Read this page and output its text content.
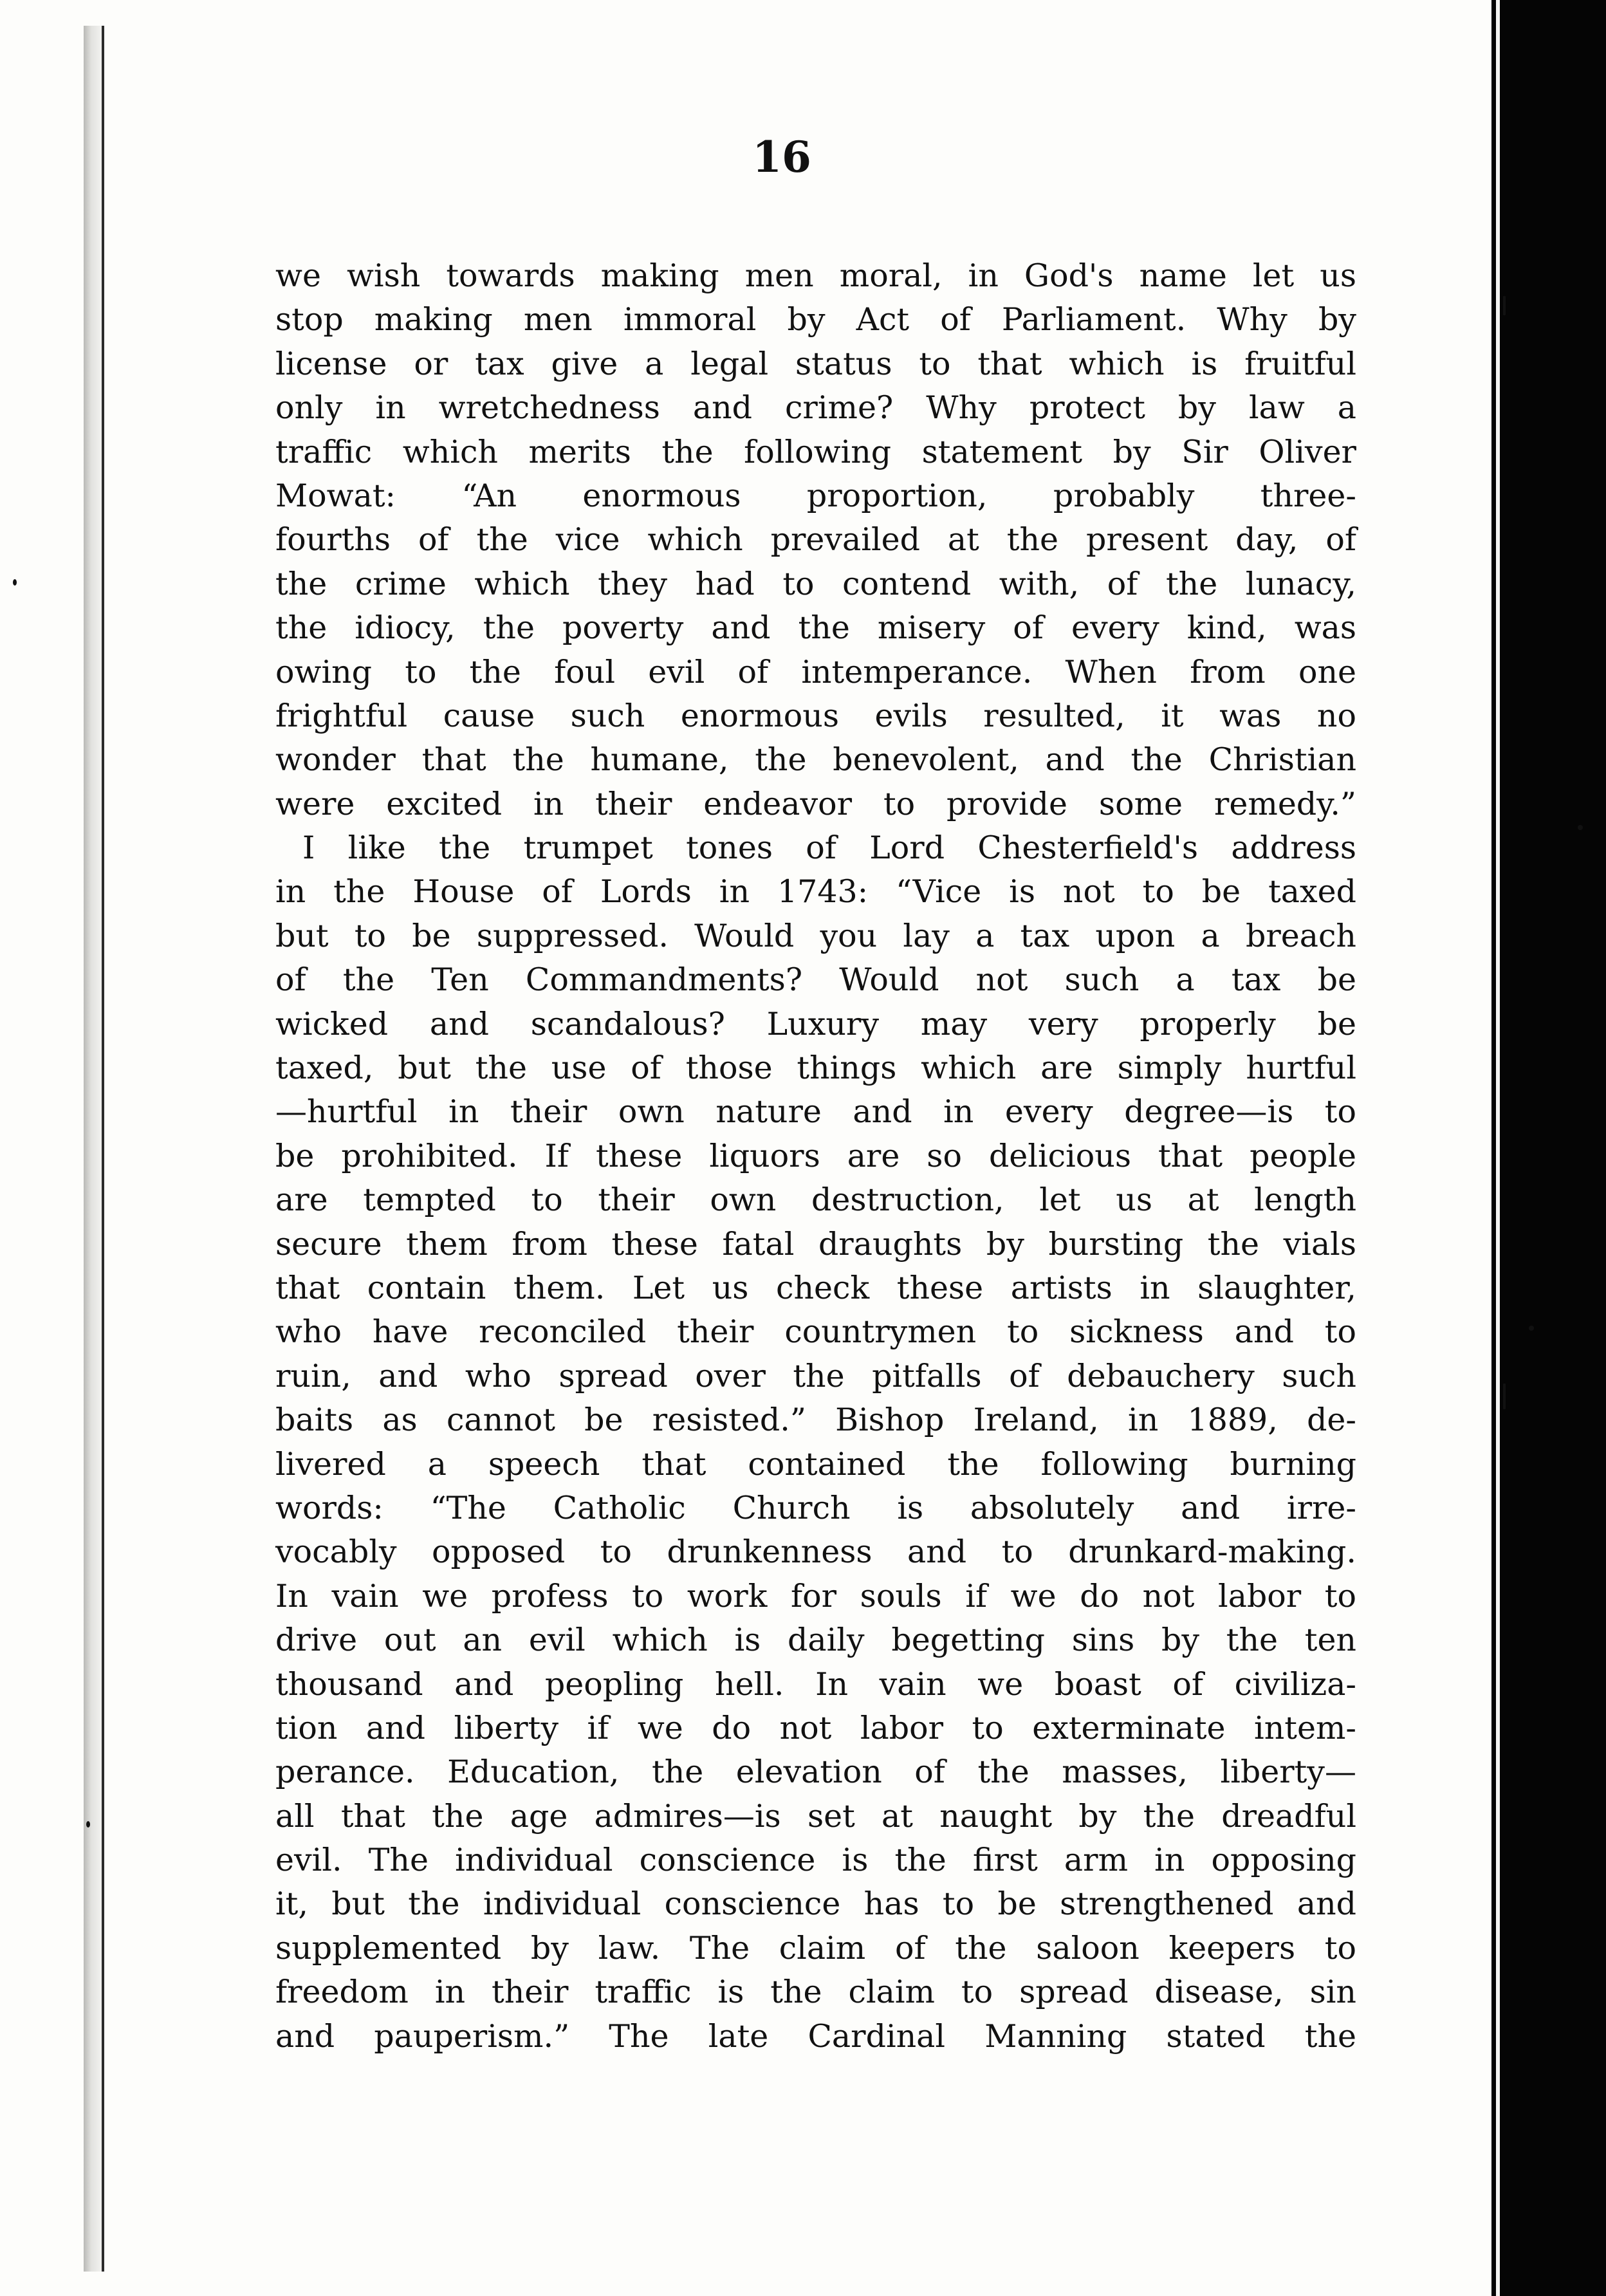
16
we wish towards making men moral, in God's name let us
stop making men immoral by Act of Parliament. Why by
license or tax give a legal status to that which is fruitful
only in wretchedness and crime? Why protect by law a
traffic which merits the following statement by Sir Oliver
Mowat: “An enormous proportion, probably three-
fourths of the vice which prevailed at the present day, of
the crime which they had to contend with, of the lunacy,
the idiocy, the poverty and the misery of every kind, was
owing to the foul evil of intemperance. When from one
frightful cause such enormous evils resulted, it was no
wonder that the humane, the benevolent, and the Christian
were excited in their endeavor to provide some remedy.”
I like the trumpet tones of Lord Chesterfield's address
in the House of Lords in 1743: “Vice is not to be taxed
but to be suppressed. Would you lay a tax upon a breach
of the Ten Commandments? Would not such a tax be
wicked and scandalous? Luxury may very properly be
taxed, but the use of those things which are simply hurtful
—hurtful in their own nature and in every degree—is to
be prohibited. If these liquors are so delicious that people
are tempted to their own destruction, let us at length
secure them from these fatal draughts by bursting the vials
that contain them. Let us check these artists in slaughter,
who have reconciled their countrymen to sickness and to
ruin, and who spread over the pitfalls of debauchery such
baits as cannot be resisted.” Bishop Ireland, in 1889, de-
livered a speech that contained the following burning
words: “The Catholic Church is absolutely and irre-
vocably opposed to drunkenness and to drunkard-making.
In vain we profess to work for souls if we do not labor to
drive out an evil which is daily begetting sins by the ten
thousand and peopling hell. In vain we boast of civiliza-
tion and liberty if we do not labor to exterminate intem-
perance. Education, the elevation of the masses, liberty—
all that the age admires—is set at naught by the dreadful
evil. The individual conscience is the first arm in opposing
it, but the individual conscience has to be strengthened and
supplemented by law. The claim of the saloon keepers to
freedom in their traffic is the claim to spread disease, sin
and pauperism.” The late Cardinal Manning stated the
